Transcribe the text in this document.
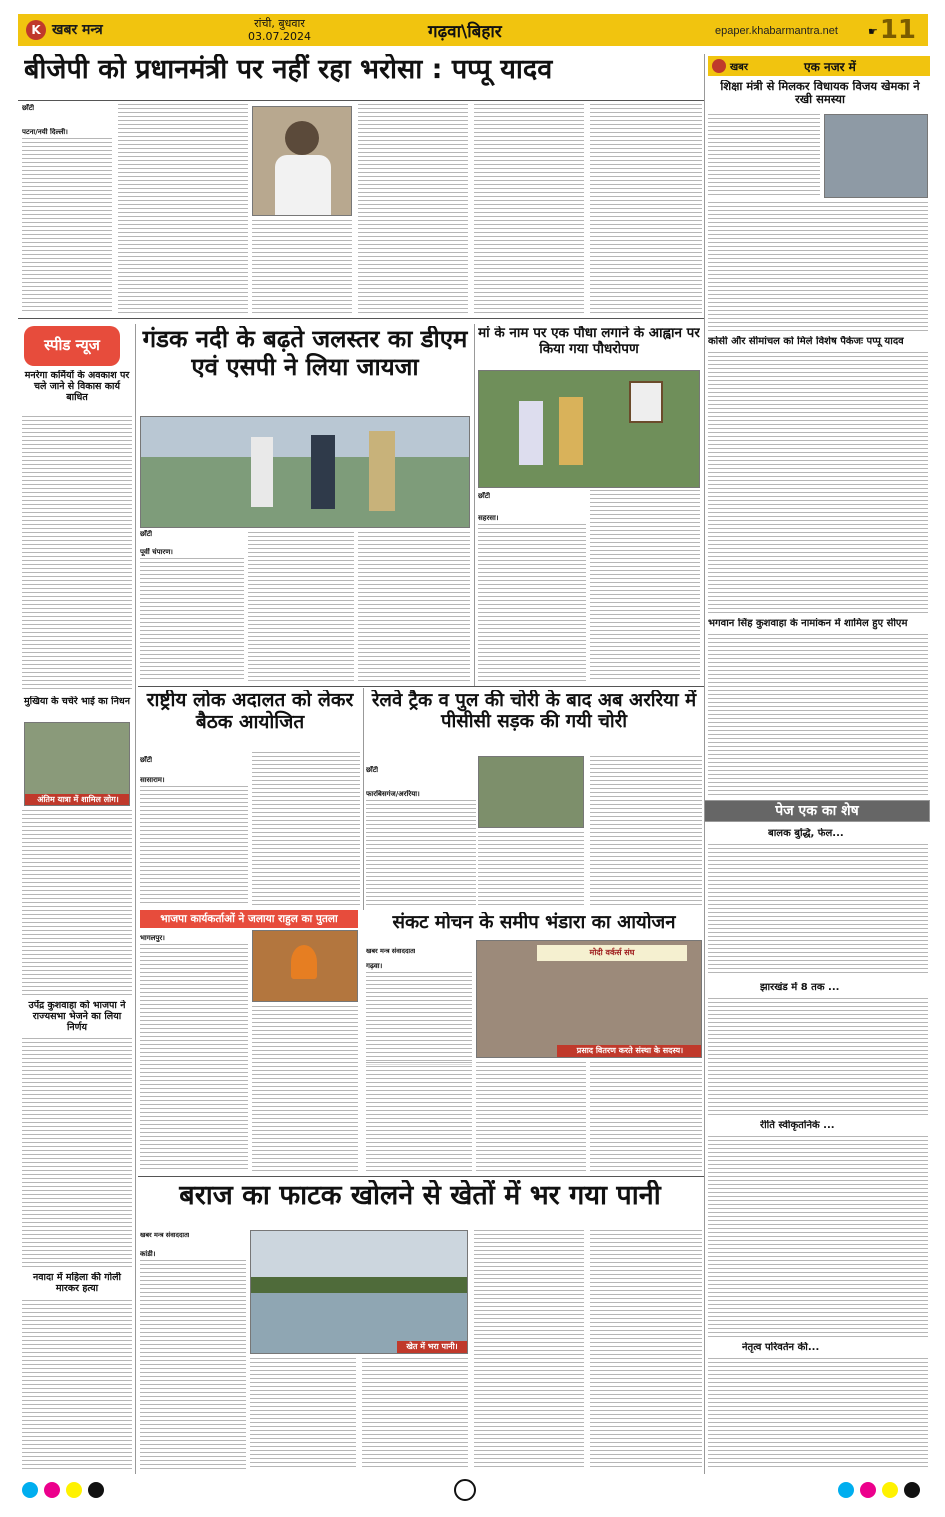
K खबर मन्त्र	रांची, बुधवार
03.07.2024	गढ़वा\बिहार	11
epaper.khabarmantra.net	☛
बीजेपी को प्रधानमंत्री पर नहीं रहा भरोसा : पप्पू यादव
छाँटी
पटना/नयी दिल्ली।
खबर	एक नजर में
शिक्षा मंत्री से मिलकर विधायक विजय खेमका ने रखी समस्या
कोसी और सीमांचल को मिले विशेष पैकेजः पप्पू यादव
भगवान सिंह कुशवाहा के नामांकन में शामिल हुए सीएम
पेज एक का शेष
बालक बुद्धि, फेल...
झारखंड में 8 तक ...
रीति स्वीकृतनिके ...
नेतृत्व परिवर्तन की...
स्पीड न्यूज
मनरेगा कर्मियों के अवकाश पर चले जाने से विकास कार्य बाधित
मुखिया के चचेरे भाई का निधन
अंतिम यात्रा में शामिल लोग।
उपेंद्र कुशवाहा को भाजपा ने राज्यसभा भेजने का लिया निर्णय
नवादा में महिला की गोली मारकर हत्या
गंडक नदी के बढ़ते जलस्तर का डीएम एवं एसपी ने लिया जायजा
छाँटी
पूर्वी चंपारण।
मां के नाम पर एक पौधा लगाने के आह्वान पर किया गया पौधरोपण
छाँटी
सहरसा।
राष्ट्रीय लोक अदालत को लेकर बैठक आयोजित
छाँटी
सासाराम।
रेलवे ट्रैक व पुल की चोरी के बाद अब अररिया में पीसीसी सड़क की गयी चोरी
छाँटी
फारबिसगंज/अररिया।
भाजपा कार्यकर्ताओं ने जलाया राहुल का पुतला
भागलपुर।
संकट मोचन के समीप भंडारा का आयोजन
खबर मन्त्र संवाददाता
गढ़वा।
मोदी वर्कर्स संघ
प्रसाद वितरण करते संस्था के सदस्य।
बराज का फाटक खोलने से खेतों में भर गया पानी
खबर मन्त्र संवाददाता
कांडी।
खेत में भरा पानी।
